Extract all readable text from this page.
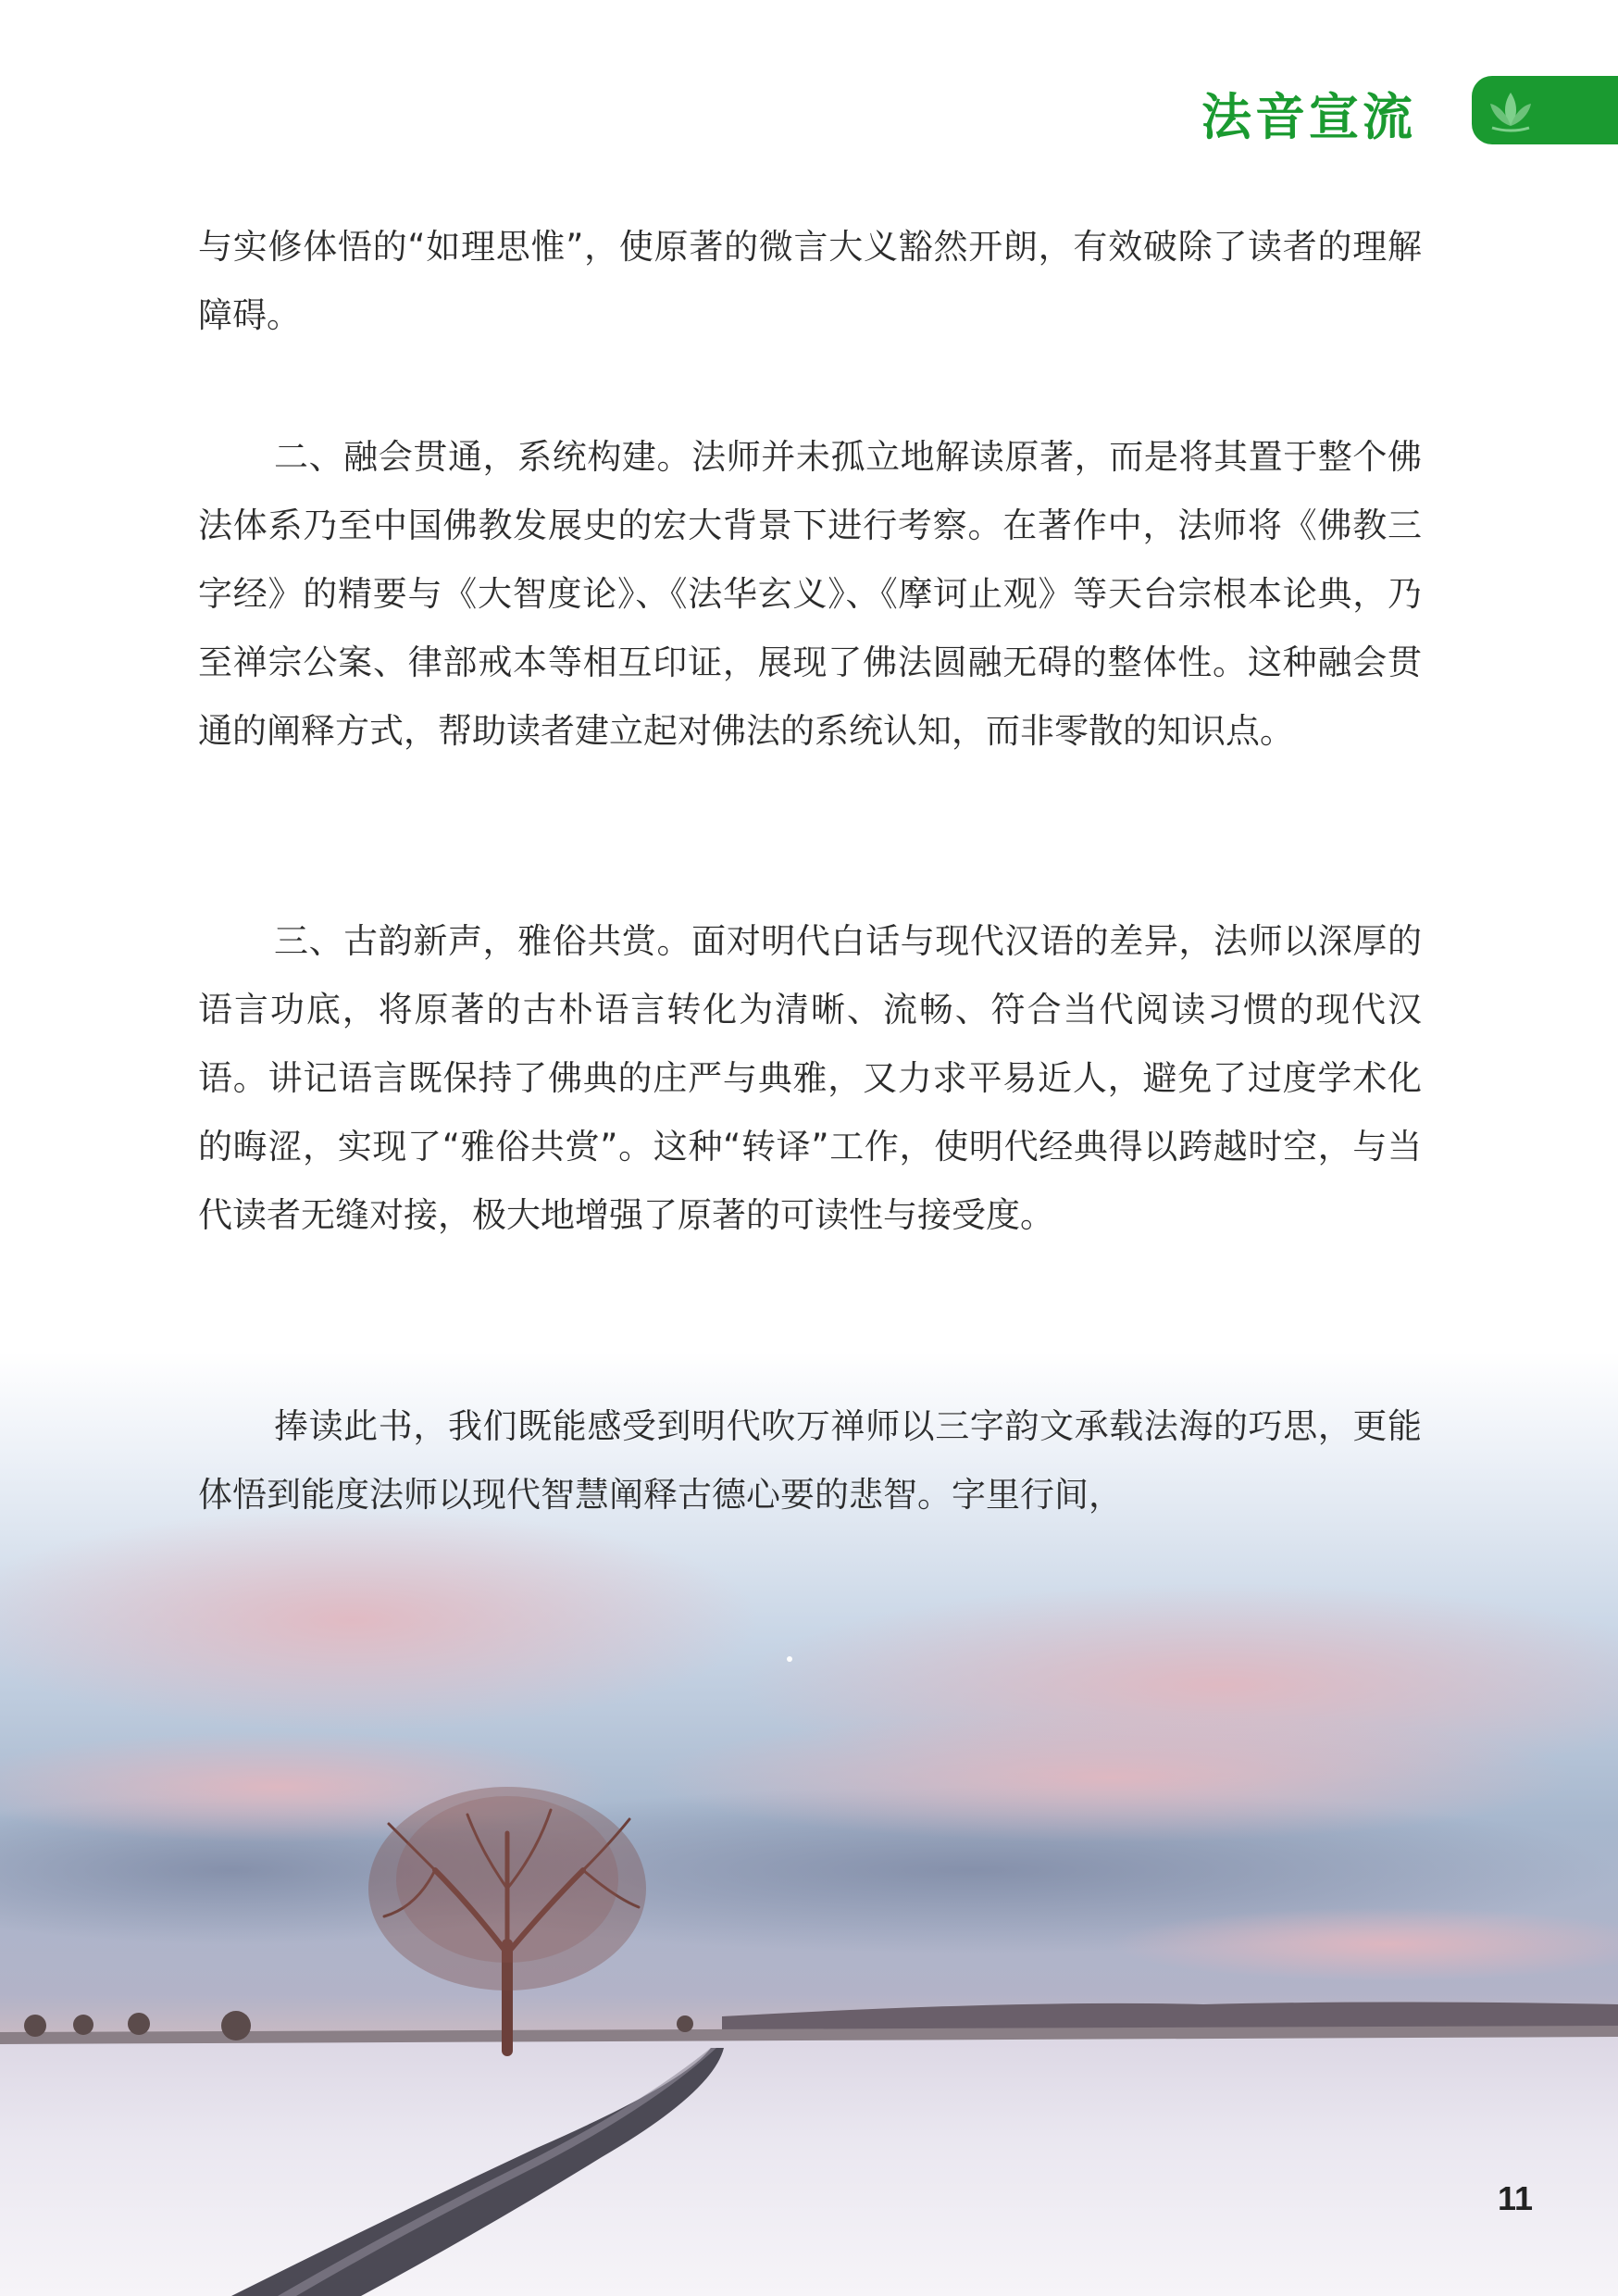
法音宣流

与实修体悟的“如理思惟”，使原著的微言大义豁然开朗，有效破除了读者的理解障碍。

二、融会贯通，系统构建。法师并未孤立地解读原著，而是将其置于整个佛法体系乃至中国佛教发展史的宏大背景下进行考察。在著作中，法师将《佛教三字经》的精要与《大智度论》、《法华玄义》、《摩诃止观》等天台宗根本论典，乃至禅宗公案、律部戒本等相互印证，展现了佛法圆融无碍的整体性。这种融会贯通的阐释方式，帮助读者建立起对佛法的系统认知，而非零散的知识点。

三、古韵新声，雅俗共赏。面对明代白话与现代汉语的差异，法师以深厚的语言功底，将原著的古朴语言转化为清晰、流畅、符合当代阅读习惯的现代汉语。讲记语言既保持了佛典的庄严与典雅，又力求平易近人，避免了过度学术化的晦涩，实现了“雅俗共赏”。这种“转译”工作，使明代经典得以跨越时空，与当代读者无缝对接，极大地增强了原著的可读性与接受度。

捧读此书，我们既能感受到明代吹万禅师以三字韵文承载法海的巧思，更能体悟到能度法师以现代智慧阐释古德心要的悲智。字里行间，

11
